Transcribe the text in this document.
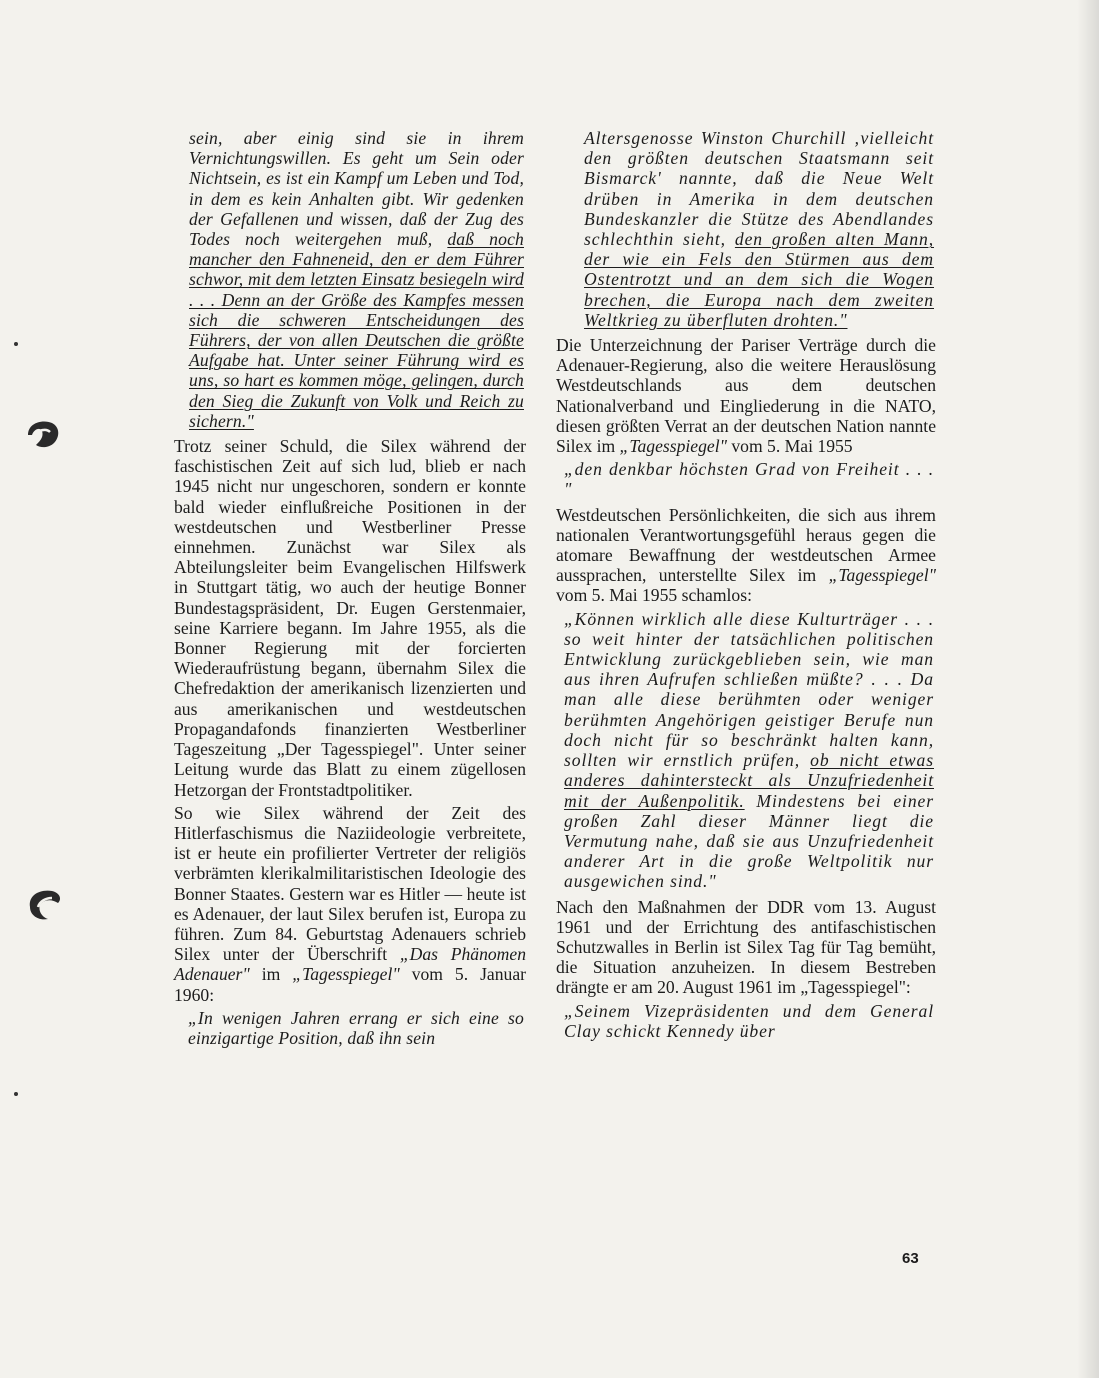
sein, aber einig sind sie in ihrem Vernichtungswillen. Es geht um Sein oder Nichtsein, es ist ein Kampf um Leben und Tod, in dem es kein Anhalten gibt. Wir gedenken der Gefallenen und wissen, daß der Zug des Todes noch weitergehen muß, daß noch mancher den Fahneneid, den er dem Führer schwor, mit dem letzten Einsatz besiegeln wird . . . Denn an der Größe des Kampfes messen sich die schweren Entscheidungen des Führers, der von allen Deutschen die größte Aufgabe hat. Unter seiner Führung wird es uns, so hart es kommen möge, gelingen, durch den Sieg die Zukunft von Volk und Reich zu sichern."

Trotz seiner Schuld, die Silex während der faschistischen Zeit auf sich lud, blieb er nach 1945 nicht nur ungeschoren, sondern er konnte bald wieder einflußreiche Positionen in der westdeutschen und Westberliner Presse einnehmen. Zunächst war Silex als Abteilungsleiter beim Evangelischen Hilfswerk in Stuttgart tätig, wo auch der heutige Bonner Bundestagspräsident, Dr. Eugen Gerstenmaier, seine Karriere begann. Im Jahre 1955, als die Bonner Regierung mit der forcierten Wiederaufrüstung begann, übernahm Silex die Chefredaktion der amerikanisch lizenzierten und aus amerikanischen und westdeutschen Propagandafonds finanzierten Westberliner Tageszeitung „Der Tagesspiegel". Unter seiner Leitung wurde das Blatt zu einem zügellosen Hetzorgan der Frontstadtpolitiker.

So wie Silex während der Zeit des Hitlerfaschismus die Naziideologie verbreitete, ist er heute ein profilierter Vertreter der religiös verbrämten klerikalmilitaristischen Ideologie des Bonner Staates. Gestern war es Hitler — heute ist es Adenauer, der laut Silex berufen ist, Europa zu führen. Zum 84. Geburtstag Adenauers schrieb Silex unter der Überschrift „Das Phänomen Adenauer" im „Tagesspiegel" vom 5. Januar 1960:

„In wenigen Jahren errang er sich eine so einzigartige Position, daß ihn sein

Altersgenosse Winston Churchill ‚vielleicht den größten deutschen Staatsmann seit Bismarck' nannte, daß die Neue Welt drüben in Amerika in dem deutschen Bundeskanzler die Stütze des Abendlandes schlechthin sieht, den großen alten Mann, der wie ein Fels den Stürmen aus dem Ostentrotzt und an dem sich die Wogen brechen, die Europa nach dem zweiten Weltkrieg zu überfluten drohten."

Die Unterzeichnung der Pariser Verträge durch die Adenauer-Regierung, also die weitere Herauslösung Westdeutschlands aus dem deutschen Nationalverband und Eingliederung in die NATO, diesen größten Verrat an der deutschen Nation nannte Silex im „Tagesspiegel" vom 5. Mai 1955

„den denkbar höchsten Grad von Freiheit . . . "

Westdeutschen Persönlichkeiten, die sich aus ihrem nationalen Verantwortungsgefühl heraus gegen die atomare Bewaffnung der westdeutschen Armee aussprachen, unterstellte Silex im „Tagesspiegel" vom 5. Mai 1955 schamlos:

„Können wirklich alle diese Kulturträger . . . so weit hinter der tatsächlichen politischen Entwicklung zurückgeblieben sein, wie man aus ihren Aufrufen schließen müßte? . . . Da man alle diese berühmten oder weniger berühmten Angehörigen geistiger Berufe nun doch nicht für so beschränkt halten kann, sollten wir ernstlich prüfen, ob nicht etwas anderes dahintersteckt als Unzufriedenheit mit der Außenpolitik. Mindestens bei einer großen Zahl dieser Männer liegt die Vermutung nahe, daß sie aus Unzufriedenheit anderer Art in die große Weltpolitik nur ausgewichen sind."

Nach den Maßnahmen der DDR vom 13. August 1961 und der Errichtung des antifaschistischen Schutzwalles in Berlin ist Silex Tag für Tag bemüht, die Situation anzuheizen. In diesem Bestreben drängte er am 20. August 1961 im „Tagesspiegel":

„Seinem Vizepräsidenten und dem General Clay schickt Kennedy über

63
